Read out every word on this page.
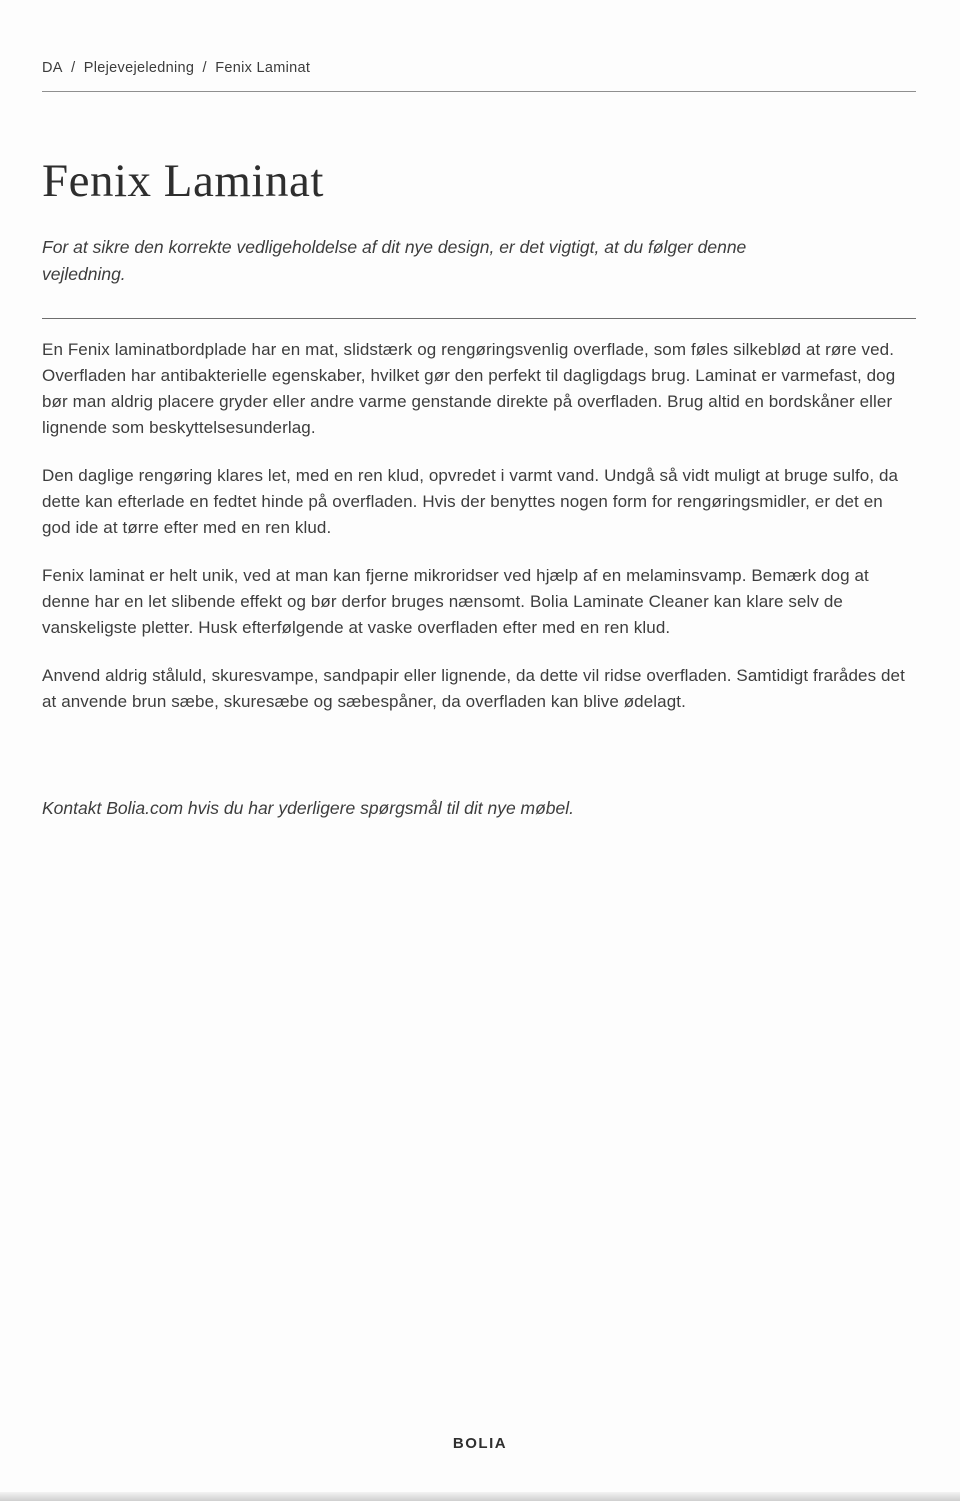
DA / Plejevejeledning / Fenix Laminat
Fenix Laminat

For at sikre den korrekte vedligeholdelse af dit nye design, er det vigtigt, at du følger denne vejledning.

En Fenix laminatbordplade har en mat, slidstærk og rengøringsvenlig overflade, som føles silkeblød at røre ved. Overfladen har antibakterielle egenskaber, hvilket gør den perfekt til dagligdags brug. Laminat er varmefast, dog bør man aldrig placere gryder eller andre varme genstande direkte på overfladen. Brug altid en bordskåner eller lignende som beskyttelsesunderlag.

Den daglige rengøring klares let, med en ren klud, opvredet i varmt vand. Undgå så vidt muligt at bruge sulfo, da dette kan efterlade en fedtet hinde på overfladen. Hvis der benyttes nogen form for rengøringsmidler, er det en god ide at tørre efter med en ren klud.

Fenix laminat er helt unik, ved at man kan fjerne mikroridser ved hjælp af en melaminsvamp. Bemærk dog at denne har en let slibende effekt og bør derfor bruges nænsomt. Bolia Laminate Cleaner kan klare selv de vanskeligste pletter. Husk efterfølgende at vaske overfladen efter med en ren klud.

Anvend aldrig ståluld, skuresvampe, sandpapir eller lignende, da dette vil ridse overfladen. Samtidigt frarådes det at anvende brun sæbe, skuresæbe og sæbespåner, da overfladen kan blive ødelagt.

Kontakt Bolia.com hvis du har yderligere spørgsmål til dit nye møbel.

BOLIA
